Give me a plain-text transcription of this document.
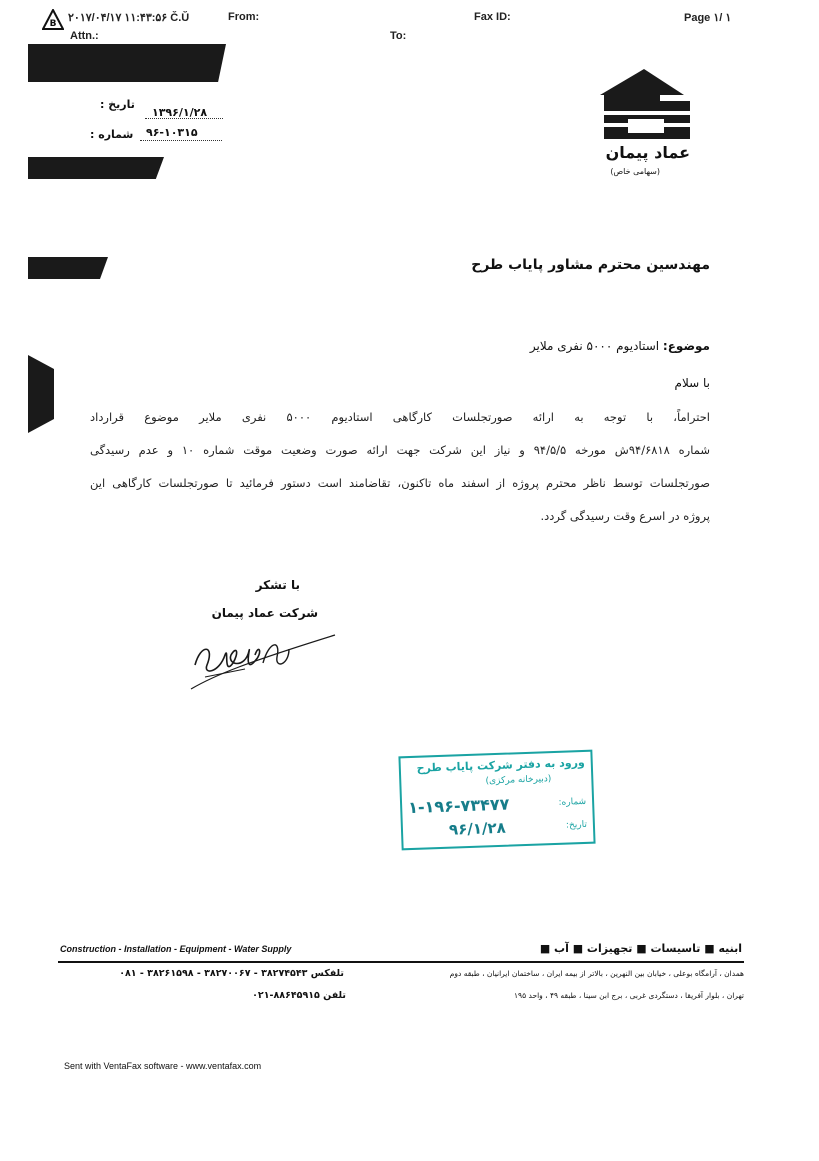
B ۲۰۱۷/۰۴/۱۷ ۱۱:۴۳:۵۶ Č.Ŭ	From:	Fax ID:	Page ۱/ ۱
Attn.:	To:
تاریخ :
۱۳۹۶/۱/۲۸
شماره : ۹۶-۱۰۳۱۵
عماد پیمان
(سهامی خاص)
مهندسین محترم مشاور پایاب طرح
موضوع: استادیوم ۵۰۰۰ نفری ملایر
با سلام
احتراماً، با توجه به ارائه صورتجلسات کارگاهی استادیوم ۵۰۰۰ نفری ملایر موضوع قرارداد
شماره ۹۴/۶۸۱۸ش مورخه ۹۴/۵/۵ و نیاز این شرکت جهت ارائه صورت وضعیت موقت شماره ۱۰ و عدم رسیدگی
صورتجلسات توسط ناظر محترم پروژه از اسفند ماه تاکنون، تقاضامند است دستور فرمائید تا صورتجلسات کارگاهی این
پروژه در اسرع وقت رسیدگی گردد.
با تشکر
شرکت عماد پیمان
ورود به دفتر شرکت پایاب طرح
(دبیرخانه مرکزی)
شماره:
۱-۱۹۶-۷۳۴۷۷
تاریخ:
۹۶/۱/۲۸
Construction - Installation - Equipment - Water Supply	ابنیه ■ تاسیسات ■ تجهیزات ■ آب ■
همدان ، آرامگاه بوعلی ، خیابان بین النهرین ، بالاتر از بیمه ایران ، ساختمان ایرانیان ، طبقه دوم
تلفکس ۳۸۲۷۴۵۴۳ - ۳۸۲۷۰۰۶۷ - ۳۸۲۶۱۵۹۸ - ۰۸۱
تهران ، بلوار آفریقا ، دستگردی غربی ، برج ابن سینا ، طبقه ۴۹ ، واحد ۱۹۵
تلفن ۸۸۶۴۵۹۱۵-۰۲۱
Sent with VentaFax software - www.ventafax.com
